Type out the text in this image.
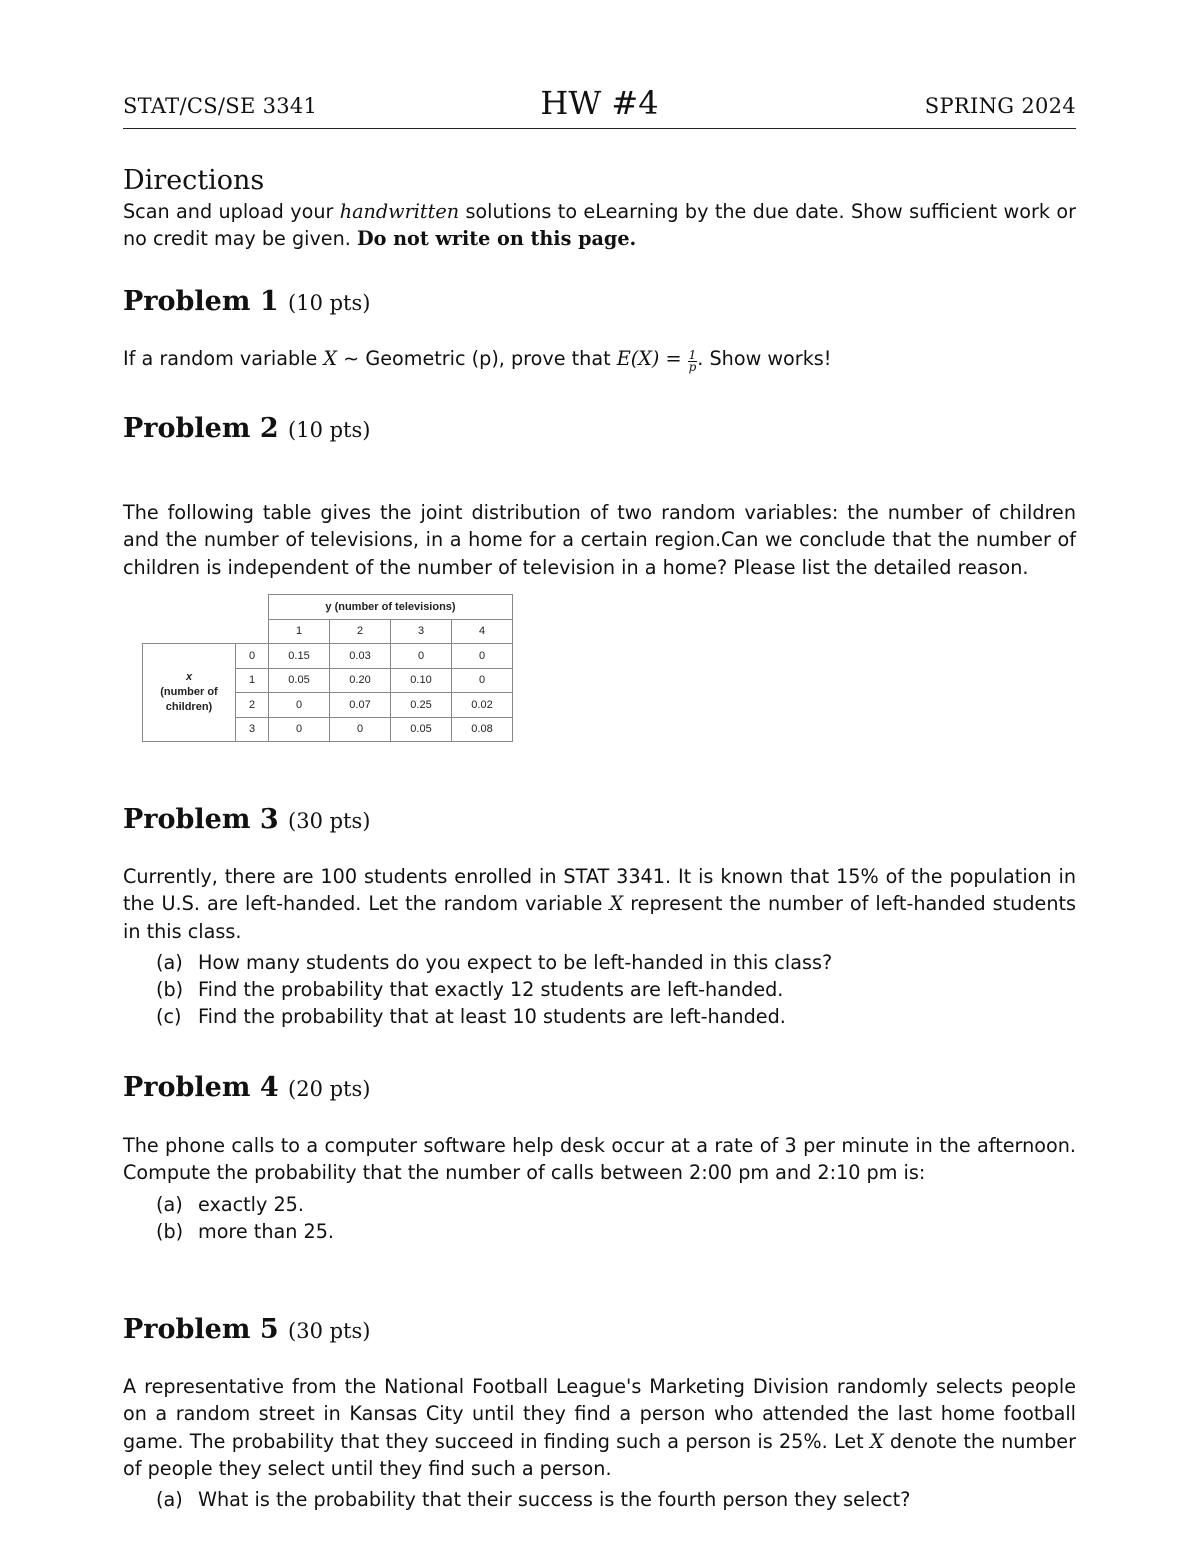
STAT/CS/SE 3341	HW #4	SPRING 2024
Directions
Scan and upload your handwritten solutions to eLearning by the due date. Show sufficient work or no credit may be given. Do not write on this page.
Problem 1 (10 pts)
If a random variable X ∼ Geometric (p), prove that $E(X) = \frac{1}{p}$ . Show works!
Problem 2 (10 pts)
The following table gives the joint distribution of two random variables: the number of children and the number of televisions, in a home for a certain region.Can we conclude that the number of children is independent of the number of television in a home? Please list the detailed reason.
		y (number of televisions)			
		1	2	3	4
x
(number of children)	0	0.15	0.03	0	0
	1	0.05	0.20	0.10	0
	2	0	0.07	0.25	0.02
	3	0	0	0.05	0.08
Problem 3 (30 pts)
Currently, there are 100 students enrolled in STAT 3341. It is known that 15% of the population in the U.S. are left-handed. Let the random variable X represent the number of left-handed students in this class.
(a) How many students do you expect to be left-handed in this class?
(b) Find the probability that exactly 12 students are left-handed.
(c) Find the probability that at least 10 students are left-handed.
Problem 4 (20 pts)
The phone calls to a computer software help desk occur at a rate of 3 per minute in the afternoon. Compute the probability that the number of calls between 2:00 pm and 2:10 pm is:
(a) exactly 25.
(b) more than 25.
Problem 5 (30 pts)
A representative from the National Football League's Marketing Division randomly selects people on a random street in Kansas City until they find a person who attended the last home football game. The probability that they succeed in finding such a person is 25%. Let X denote the number of people they select until they find such a person.
(a) What is the probability that their success is the fourth person they select?
